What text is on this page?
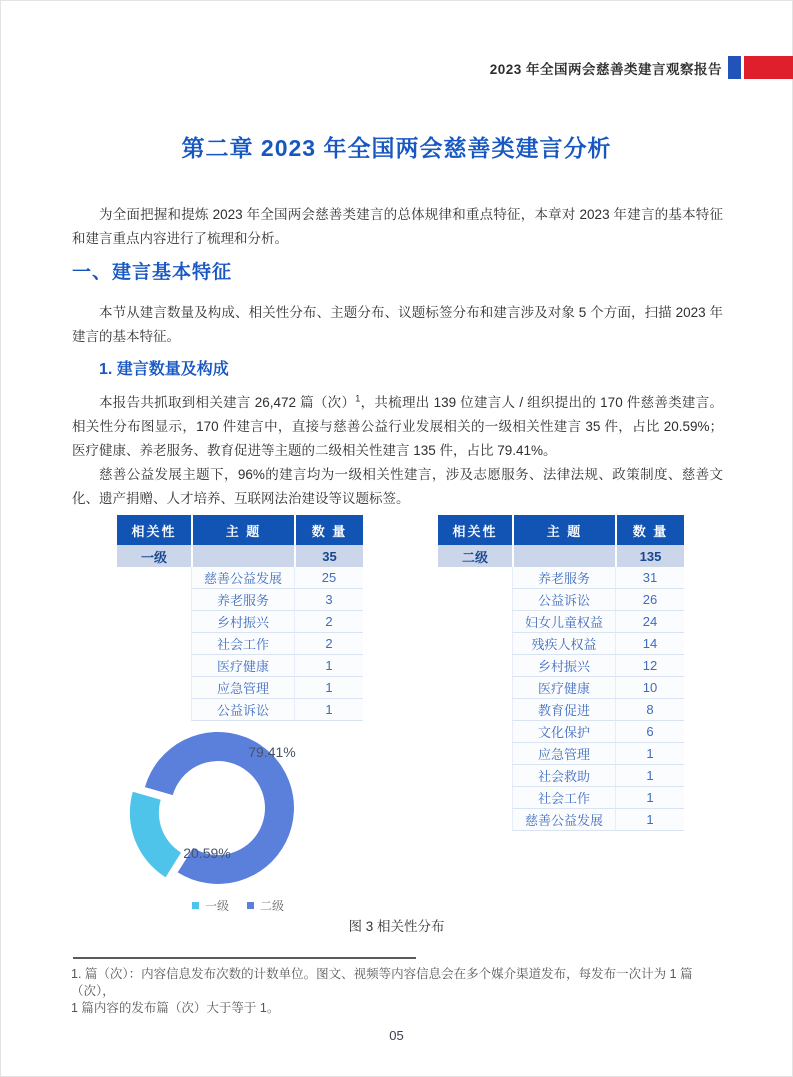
2023 年全国两会慈善类建言观察报告
第二章 2023 年全国两会慈善类建言分析

为全面把握和提炼 2023 年全国两会慈善类建言的总体规律和重点特征，本章对 2023 年建言的基本特征和建言重点内容进行了梳理和分析。

一、建言基本特征

本节从建言数量及构成、相关性分布、主题分布、议题标签分布和建言涉及对象 5 个方面，扫描 2023 年建言的基本特征。

1. 建言数量及构成

本报告共抓取到相关建言 26,472 篇（次）$^1$，共梳理出 139 位建言人 / 组织提出的 170 件慈善类建言。相关性分布图显示，170 件建言中，直接与慈善公益行业发展相关的一级相关性建言 35 件，占比 20.59%；医疗健康、养老服务、教育促进等主题的二级相关性建言 135 件，占比 79.41%。

慈善公益发展主题下，96%的建言均为一级相关性建言，涉及志愿服务、法律法规、政策制度、慈善文化、遗产捐赠、人才培养、互联网法治建设等议题标签。

相关性	主 题	数 量
一级		35
	慈善公益发展	25
	养老服务	3
	乡村振兴	2
	社会工作	2
	医疗健康	1
	应急管理	1
	公益诉讼	1
相关性	主 题	数 量
二级		135
	养老服务	31
	公益诉讼	26
	妇女儿童权益	24
	残疾人权益	14
	乡村振兴	12
	医疗健康	10
	教育促进	8
	文化保护	6
	应急管理	1
	社会救助	1
	社会工作	1
	慈善公益发展	1
79.41%
20.59%
一级	二级
图 3 相关性分布
1. 篇（次）：内容信息发布次数的计数单位。图文、视频等内容信息会在多个媒介渠道发布，每发布一次计为 1 篇（次），
1 篇内容的发布篇（次）大于等于 1。
05
